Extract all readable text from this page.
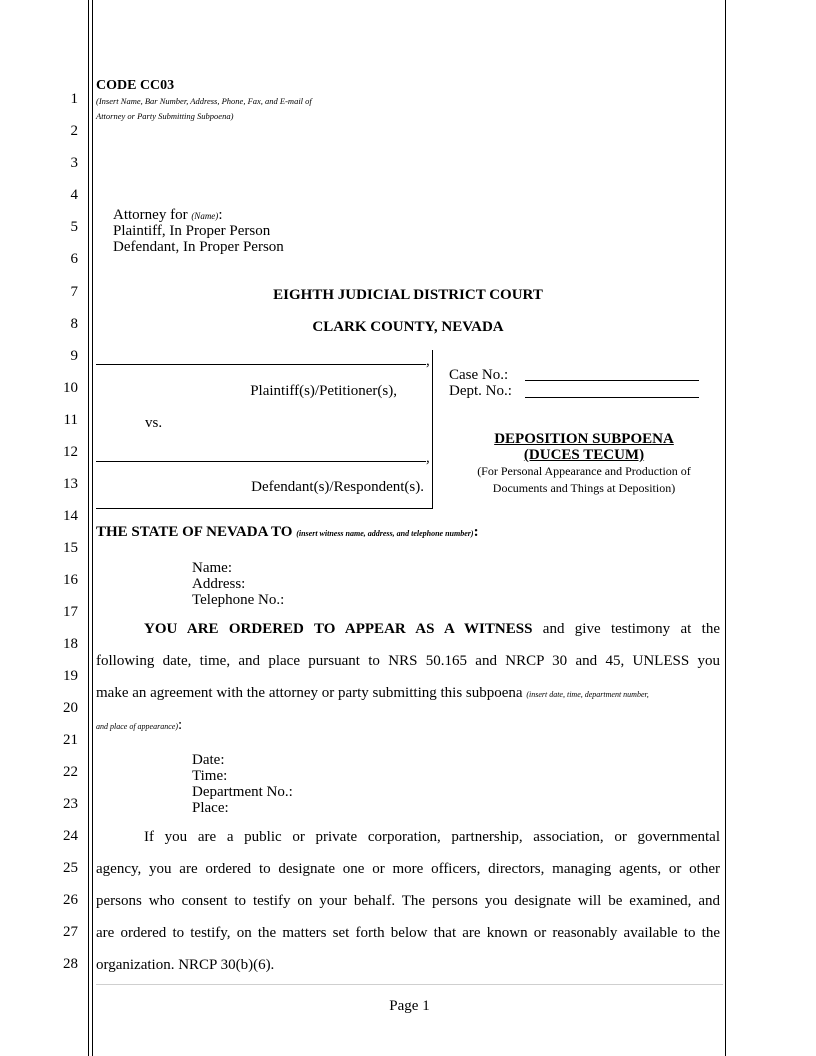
1
2
3
4
5
6
7
8
9
10
11
12
13
14
15
16
17
18
19
20
21
22
23
24
25
26
27
28
CODE CC03
(Insert Name, Bar Number, Address, Phone, Fax, and E-mail of
Attorney or Party Submitting Subpoena)
Attorney for (Name):
Plaintiff, In Proper Person
Defendant, In Proper Person
EIGHTH JUDICIAL DISTRICT COURT
CLARK COUNTY, NEVADA
,
Plaintiff(s)/Petitioner(s),
vs.
,
Defendant(s)/Respondent(s).
Case No.:
Dept. No.:
DEPOSITION SUBPOENA
(DUCES TECUM)
(For Personal Appearance and Production of
Documents and Things at Deposition)
THE STATE OF NEVADA TO (insert witness name, address, and telephone number):
Name:
Address:
Telephone No.:
YOU ARE ORDERED TO APPEAR AS A WITNESS and give testimony at the
following date, time, and place pursuant to NRS 50.165 and NRCP 30 and 45, UNLESS you
make an agreement with the attorney or party submitting this subpoena (insert date, time, department number,
and place of appearance):
Date:
Time:
Department No.:
Place:
If you are a public or private corporation, partnership, association, or governmental
agency, you are ordered to designate one or more officers, directors, managing agents, or other
persons who consent to testify on your behalf. The persons you designate will be examined, and
are ordered to testify, on the matters set forth below that are known or reasonably available to the
organization. NRCP 30(b)(6).
Page 1
